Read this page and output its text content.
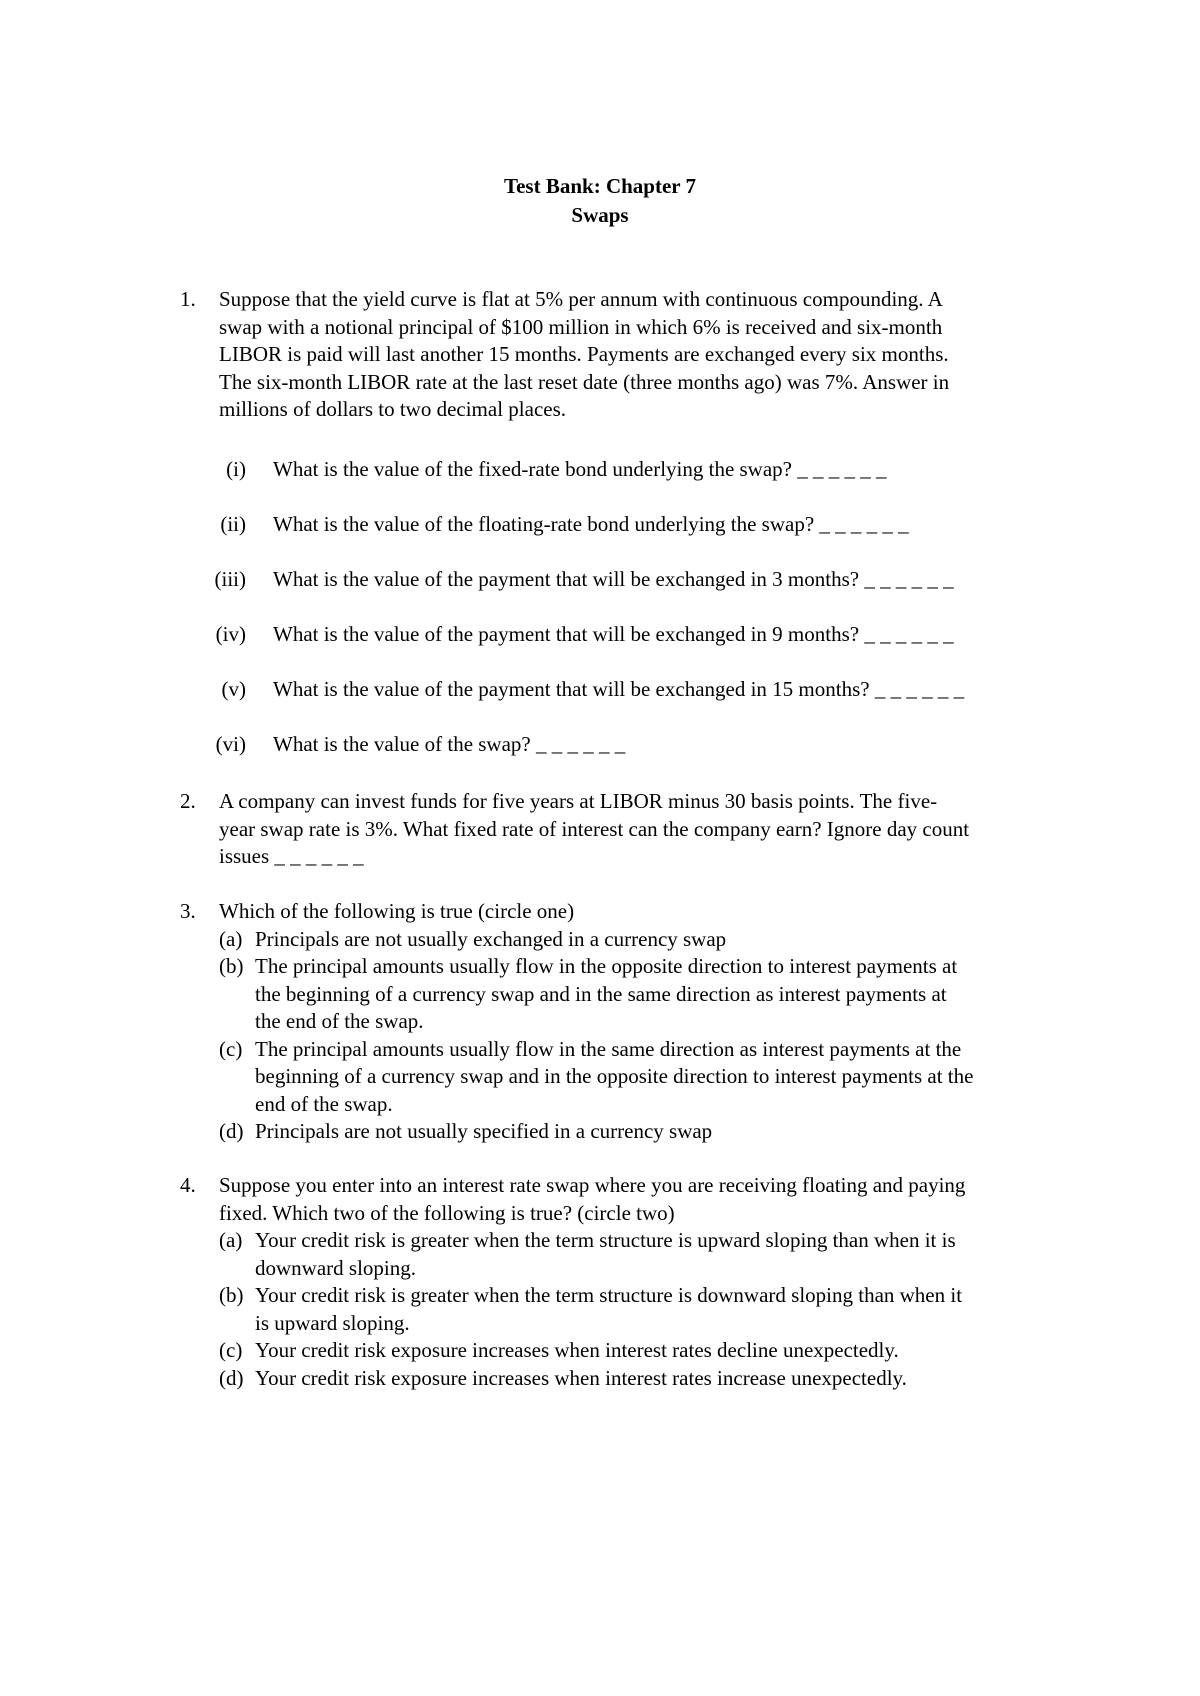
Test Bank: Chapter 7
Swaps
1.	Suppose that the yield curve is flat at 5% per annum with continuous compounding. A
swap with a notional principal of $100 million in which 6% is received and six-month
LIBOR is paid will last another 15 months. Payments are exchanged every six months.
The six-month LIBOR rate at the last reset date (three months ago) was 7%. Answer in
millions of dollars to two decimal places.
(i) What is the value of the fixed-rate bond underlying the swap? _ _ _ _ _ _
(ii) What is the value of the floating-rate bond underlying the swap? _ _ _ _ _ _
(iii) What is the value of the payment that will be exchanged in 3 months? _ _ _ _ _ _
(iv) What is the value of the payment that will be exchanged in 9 months? _ _ _ _ _ _
(v) What is the value of the payment that will be exchanged in 15 months? _ _ _ _ _ _
(vi) What is the value of the swap? _ _ _ _ _ _
2.	A company can invest funds for five years at LIBOR minus 30 basis points. The five-
year swap rate is 3%. What fixed rate of interest can the company earn? Ignore day count
issues _ _ _ _ _ _
3.	Which of the following is true (circle one)
(a) Principals are not usually exchanged in a currency swap
(b) The principal amounts usually flow in the opposite direction to interest payments at
the beginning of a currency swap and in the same direction as interest payments at
the end of the swap.
(c) The principal amounts usually flow in the same direction as interest payments at the
beginning of a currency swap and in the opposite direction to interest payments at the
end of the swap.
(d) Principals are not usually specified in a currency swap
4.	Suppose you enter into an interest rate swap where you are receiving floating and paying
fixed. Which two of the following is true? (circle two)
(a) Your credit risk is greater when the term structure is upward sloping than when it is
downward sloping.
(b) Your credit risk is greater when the term structure is downward sloping than when it
is upward sloping.
(c) Your credit risk exposure increases when interest rates decline unexpectedly.
(d) Your credit risk exposure increases when interest rates increase unexpectedly.
